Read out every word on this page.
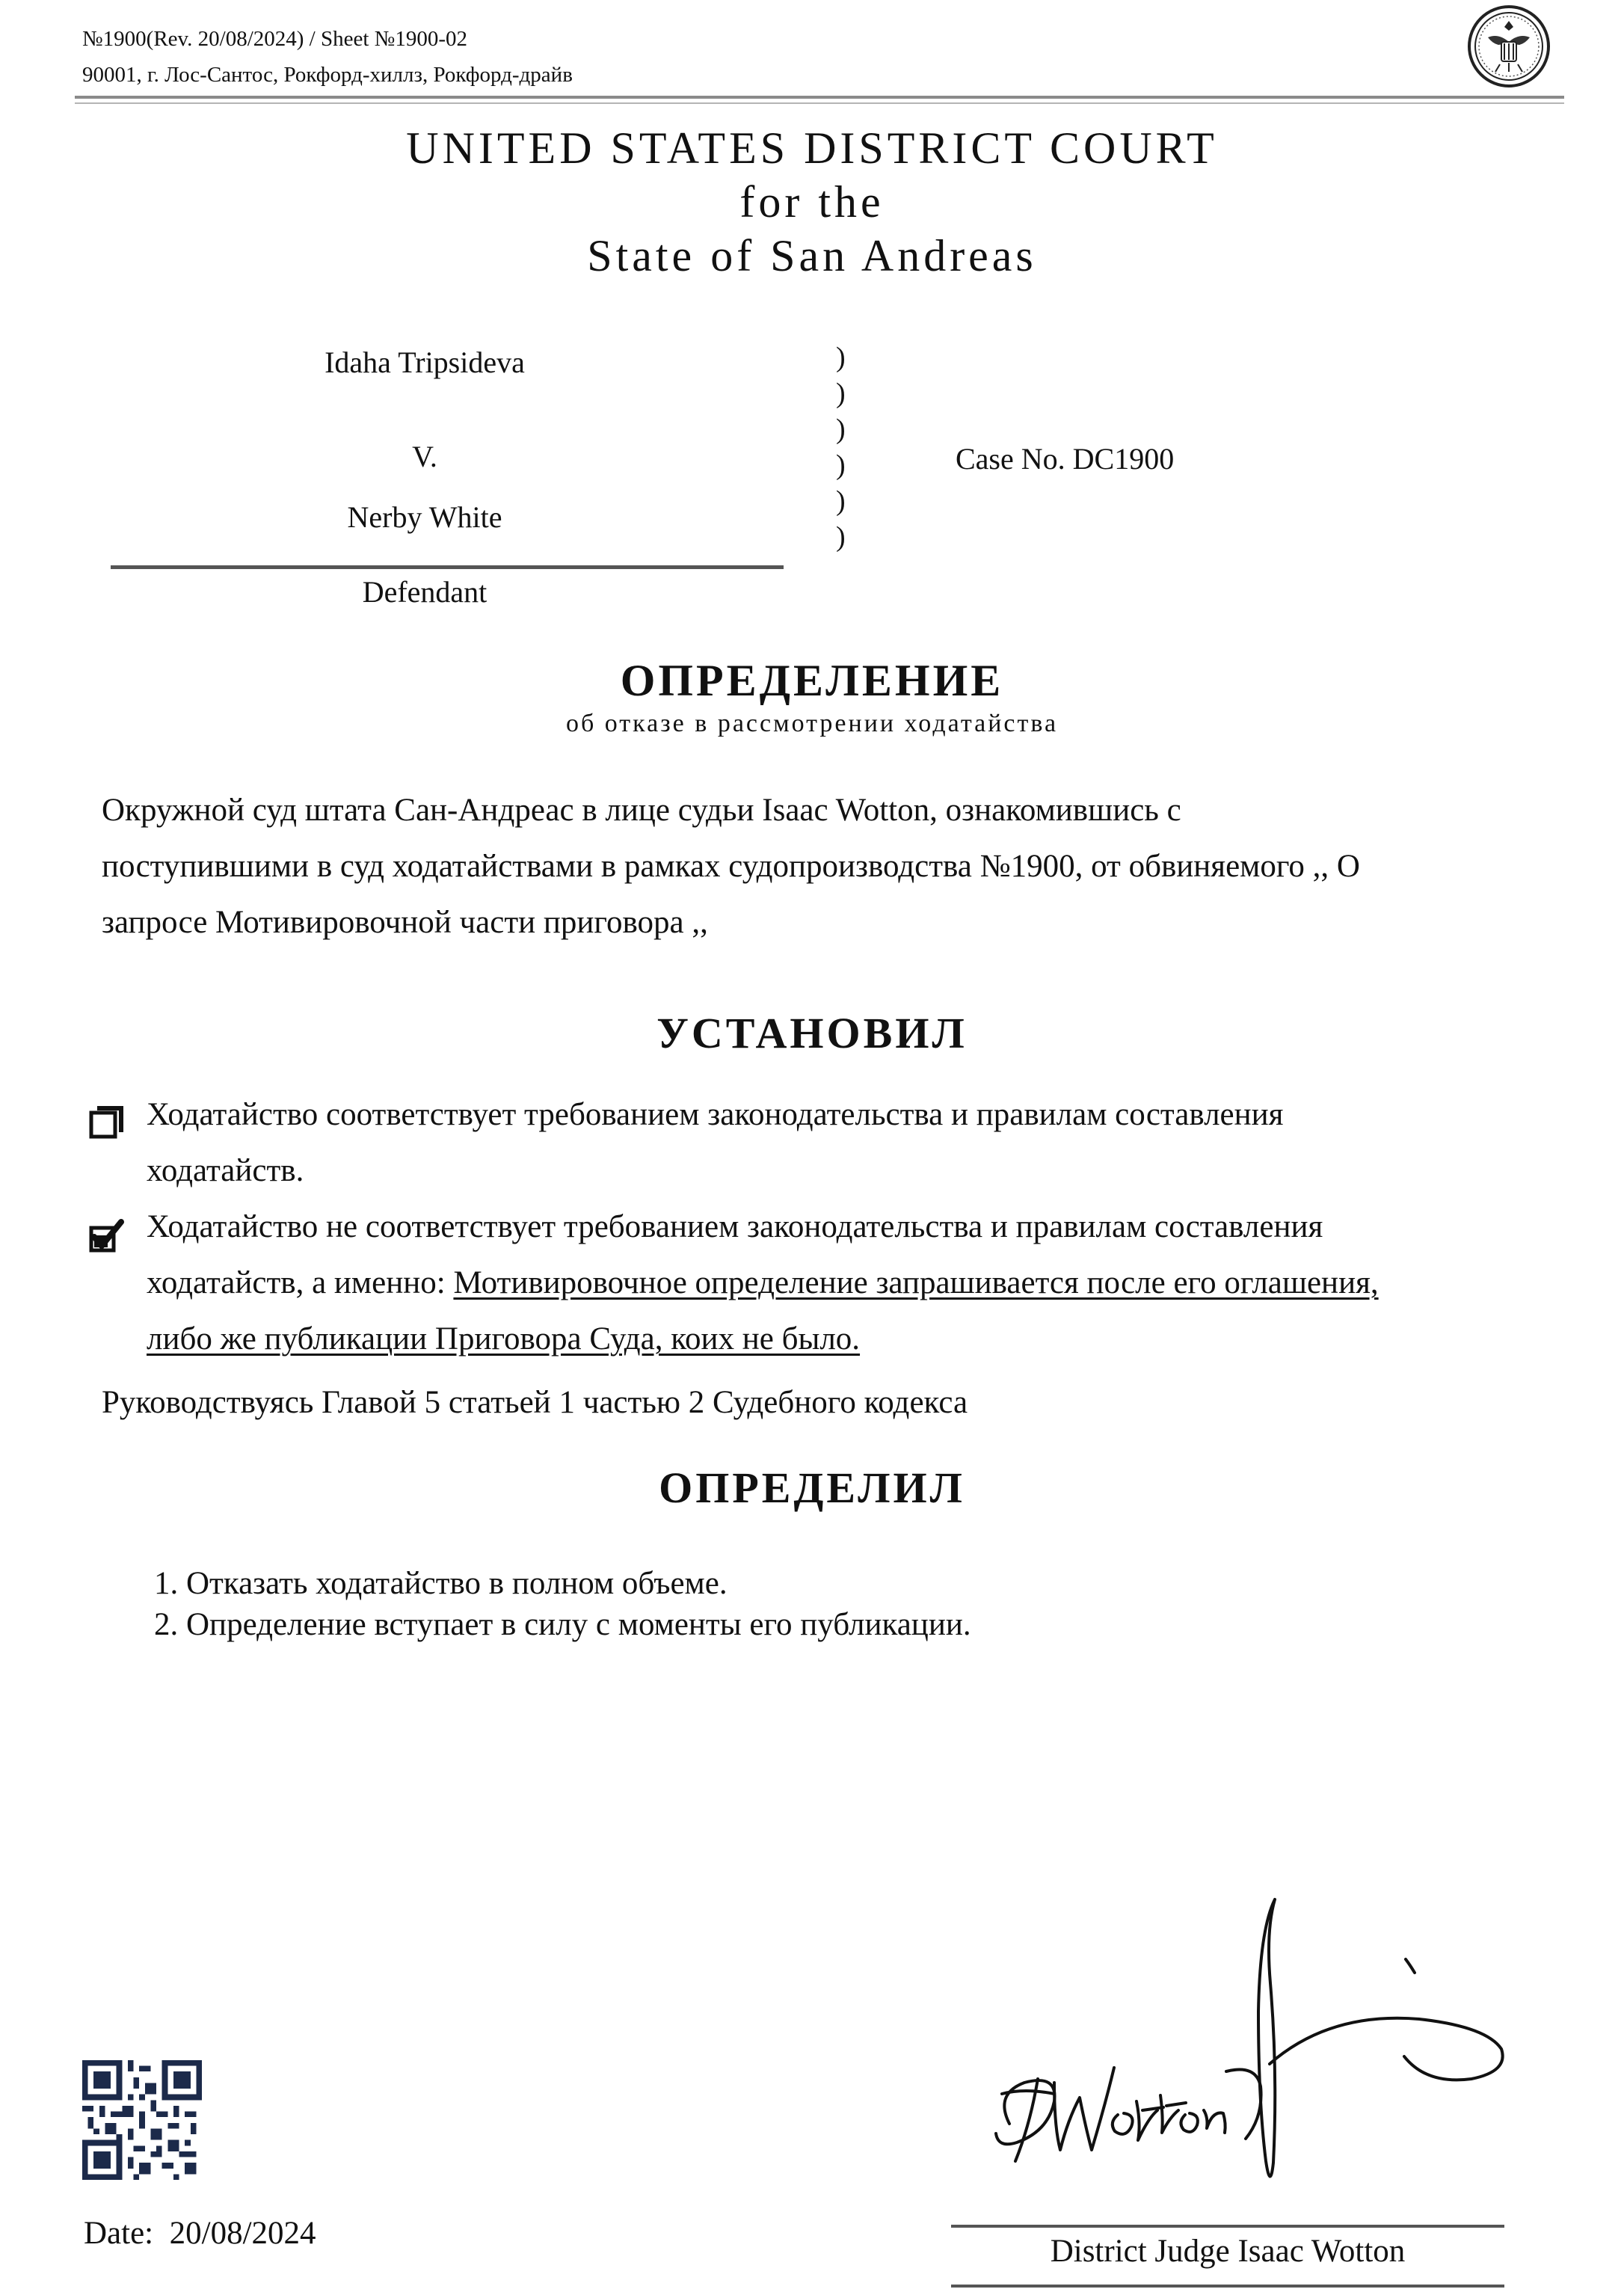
№1900(Rev. 20/08/2024) / Sheet №1900-02
90001, г. Лос-Сантос, Рокфорд-хиллз, Рокфорд-драйв
UNITED STATES DISTRICT COURT
for the
State of San Andreas
Idaha Tripsideva
V.
Nerby White
Defendant
)
)
)
)
)
)
Case No. DC1900
ОПРЕДЕЛЕНИЕ
об отказе в рассмотрении ходатайства
Окружной суд штата Сан-Андреас в лице судьи Isaac Wotton, ознакомившись с
поступившими в суд ходатайствами в рамках судопроизводства №1900, от обвиняемого ,, О
запросе Мотивировочной части приговора ,,
УСТАНОВИЛ
Ходатайство соответствует требованием законодательства и правилам составления
ходатайств.
Ходатайство не соответствует требованием законодательства и правилам составления
ходатайств, а именно: Мотивировочное определение запрашивается после его оглашения,
либо же публикации Приговора Суда, коих не было.
Руководствуясь Главой 5 статьей 1 частью 2 Судебного кодекса
ОПРЕДЕЛИЛ
1. Отказать ходатайство в полном объеме.
2. Определение вступает в силу с моменты его публикации.
Date: 20/08/2024
District Judge Isaac Wotton
